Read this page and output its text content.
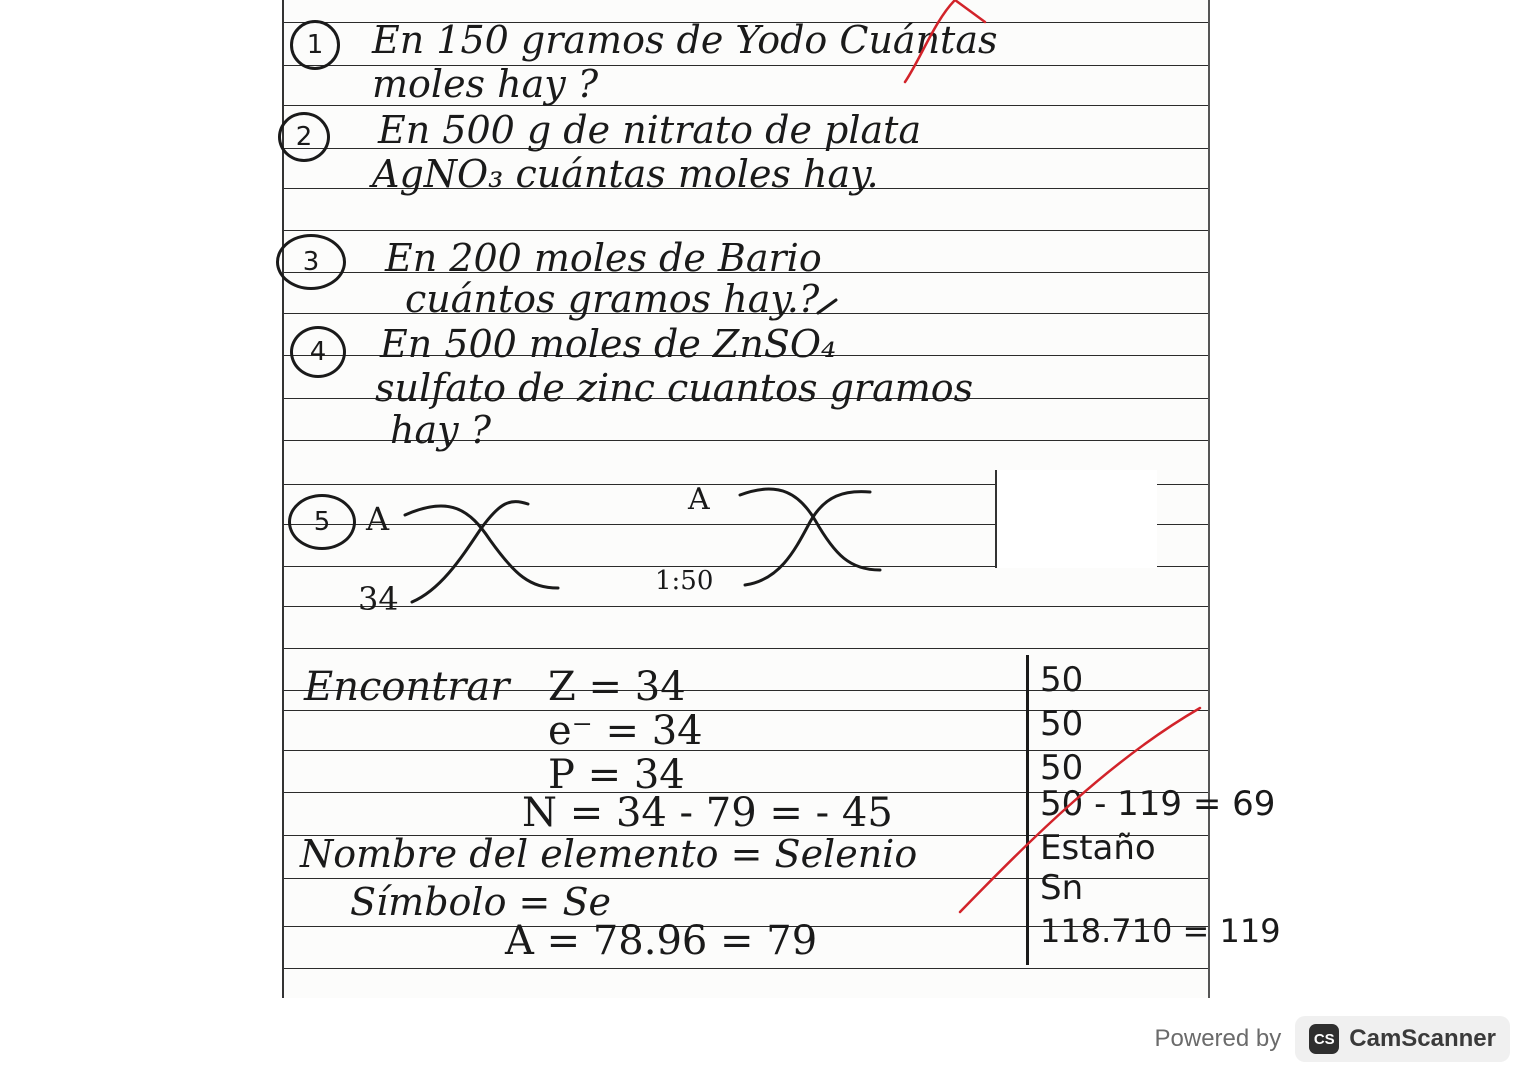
1 En 150 gramos de Yodo Cuántas
moles hay ?
2 En 500 g de nitrato de plata
AgNO₃ cuántas moles hay.
3 En 200 moles de Bario
cuántos gramos hay.?
4 En 500 moles de ZnSO₄
sulfato de zinc cuantos gramos
hay ?
5 A
34
A
1:50
Encontrar Z = 34
e⁻ = 34
P = 34
N = 34 - 79 = - 45
Nombre del elemento = Selenio
Símbolo = Se
A = 78.96 = 79
50
50
50
50 - 119 = 69
Estaño
Sn
118.710 = 119
Powered by CS CamScanner
